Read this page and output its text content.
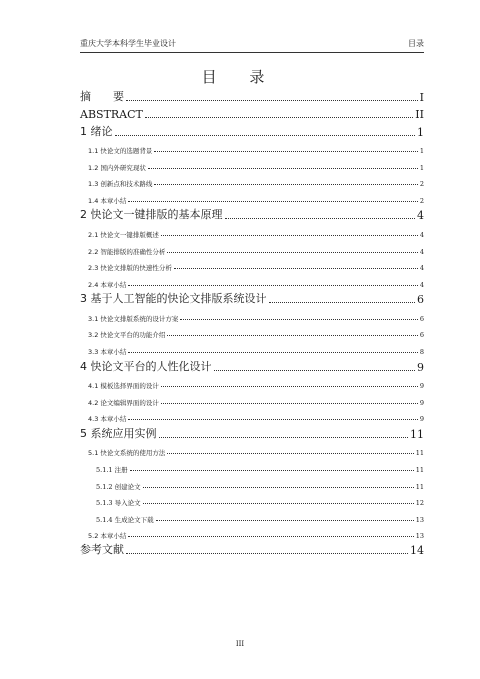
重庆大学本科学生毕业设计	目录
目 录
摘　　要	I
ABSTRACT	II
1 绪论	1
1.1 快论文的选题背景	1
1.2 国内外研究现状	1
1.3 创新点和技术路线	2
1.4 本章小结	2
2 快论文一键排版的基本原理	4
2.1 快论文一键排版概述	4
2.2 智能排版的准确性分析	4
2.3 快论文排版的快速性分析	4
2.4 本章小结	4
3 基于人工智能的快论文排版系统设计	6
3.1 快论文排版系统的设计方案	6
3.2 快论文平台的功能介绍	6
3.3 本章小结	8
4 快论文平台的人性化设计	9
4.1 模板选择界面的设计	9
4.2 论文编辑界面的设计	9
4.3 本章小结	9
5 系统应用实例	11
5.1 快论文系统的使用方法	11
5.1.1 注册	11
5.1.2 创建论文	11
5.1.3 导入论文	12
5.1.4 生成论文下载	13
5.2 本章小结	13
参考文献	14
III
